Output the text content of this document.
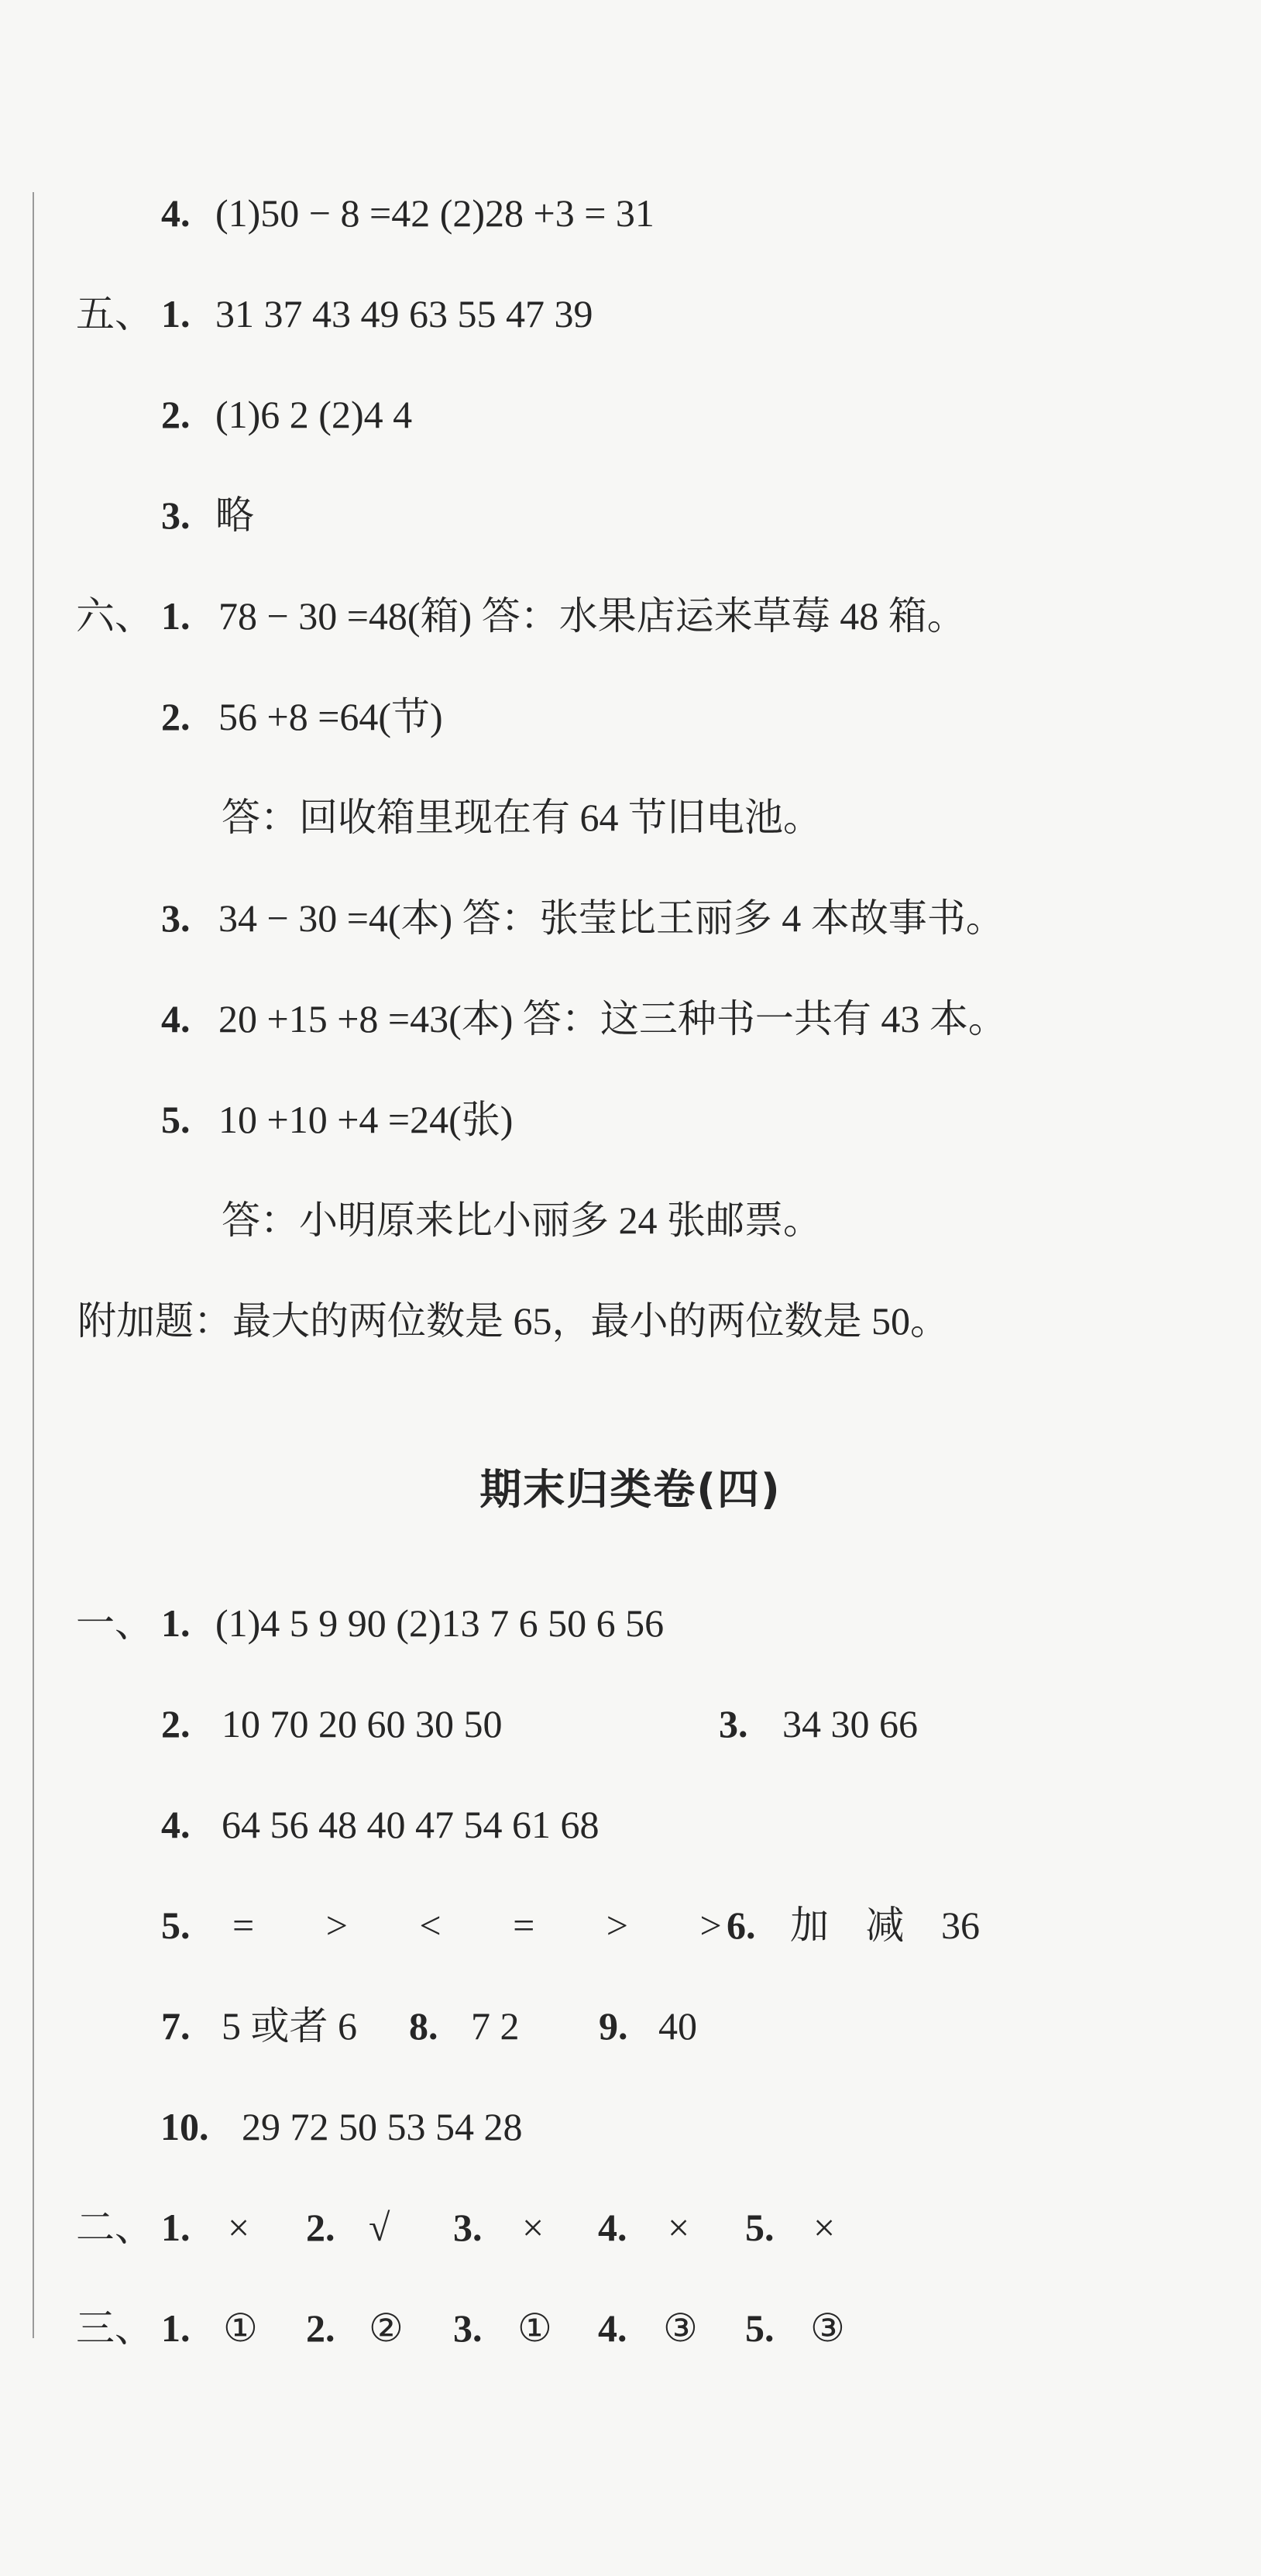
4. (1)50 − 8 =42 (2)28 +3 = 31
五、 1. 31 37 43 49 63 55 47 39
2. (1)6 2 (2)4 4
3. 略
六、 1. 78 − 30 =48(箱) 答：水果店运来草莓 48 箱。
2. 56 +8 =64(节)
答：回收箱里现在有 64 节旧电池。
3. 34 − 30 =4(本) 答：张莹比王丽多 4 本故事书。
4. 20 +15 +8 =43(本) 答：这三种书一共有 43 本。
5. 10 +10 +4 =24(张)
答：小明原来比小丽多 24 张邮票。
附加题：最大的两位数是 65，最小的两位数是 50。
期末归类卷(四)
一、 1. (1)4 5 9 90 (2)13 7 6 50 6 56
2. 10 70 20 60 30 50	3. 34 30 66
4. 64 56 48 40 47 54 61 68
5. = > < = > > 6. 加 减 36
7. 5 或者 6 8. 7 2 9. 40
10. 29 72 50 53 54 28
二、 1. × 2. √ 3. × 4. × 5. ×
三、 1. ① 2. ② 3. ① 4. ③ 5. ③
